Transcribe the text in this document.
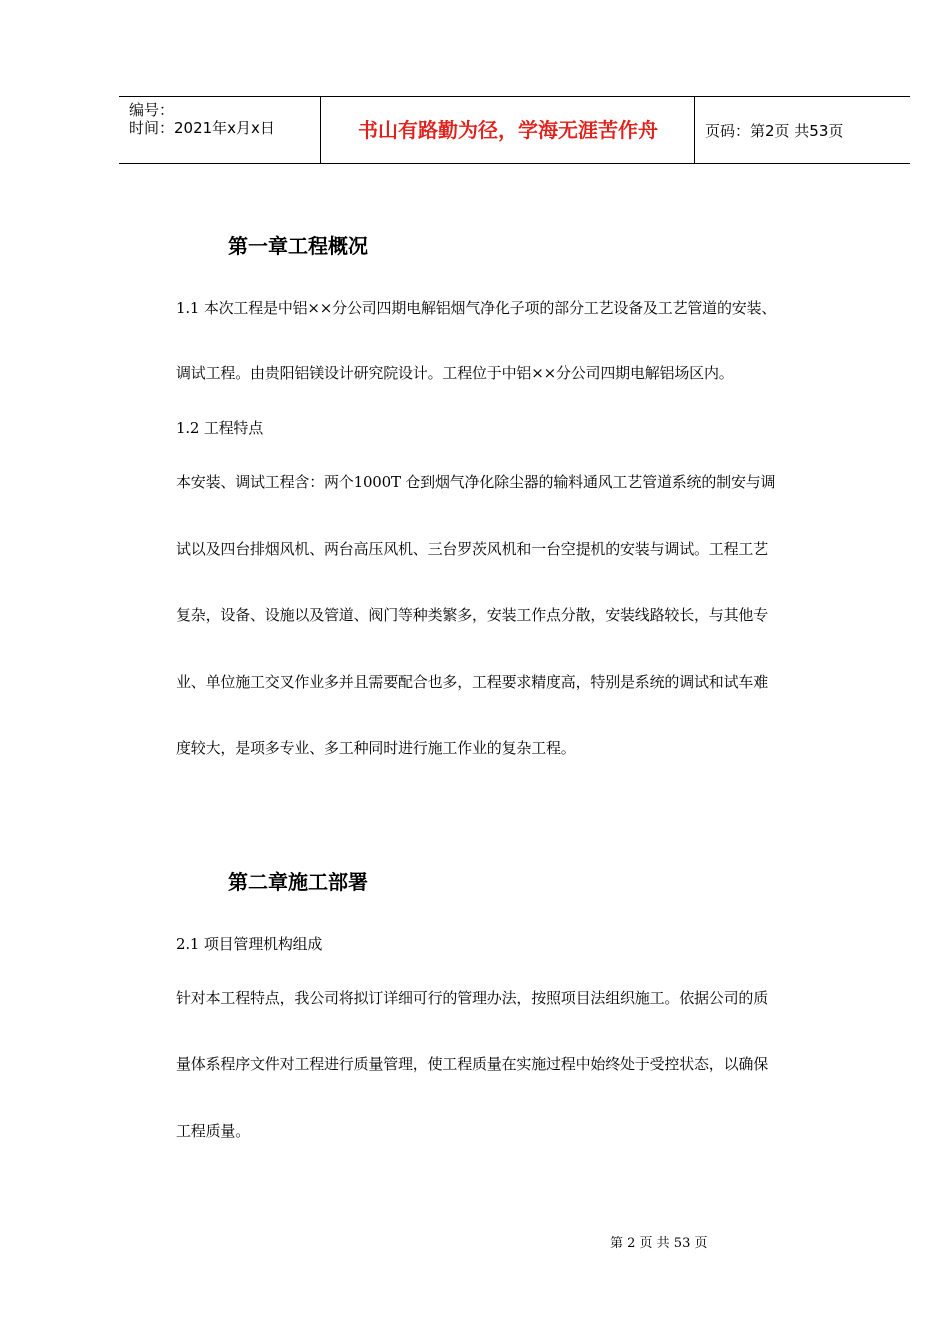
编号：
时间：2021年x月x日	书山有路勤为径，学海无涯苦作舟	页码：第2页 共53页
第一章工程概况
1.1 本次工程是中铝××分公司四期电解铝烟气净化子项的部分工艺设备及工艺管道的安装、
调试工程。由贵阳铝镁设计研究院设计。工程位于中铝××分公司四期电解铝场区内。
1.2 工程特点
本安装、调试工程含：两个1000T 仓到烟气净化除尘器的输料通风工艺管道系统的制安与调
试以及四台排烟风机、两台高压风机、三台罗茨风机和一台空提机的安装与调试。工程工艺
复杂，设备、设施以及管道、阀门等种类繁多，安装工作点分散，安装线路较长，与其他专
业、单位施工交叉作业多并且需要配合也多，工程要求精度高，特别是系统的调试和试车难
度较大，是项多专业、多工种同时进行施工作业的复杂工程。
第二章施工部署
2.1 项目管理机构组成
针对本工程特点，我公司将拟订详细可行的管理办法，按照项目法组织施工。依据公司的质
量体系程序文件对工程进行质量管理，使工程质量在实施过程中始终处于受控状态，以确保
工程质量。
第 2 页 共 53 页
